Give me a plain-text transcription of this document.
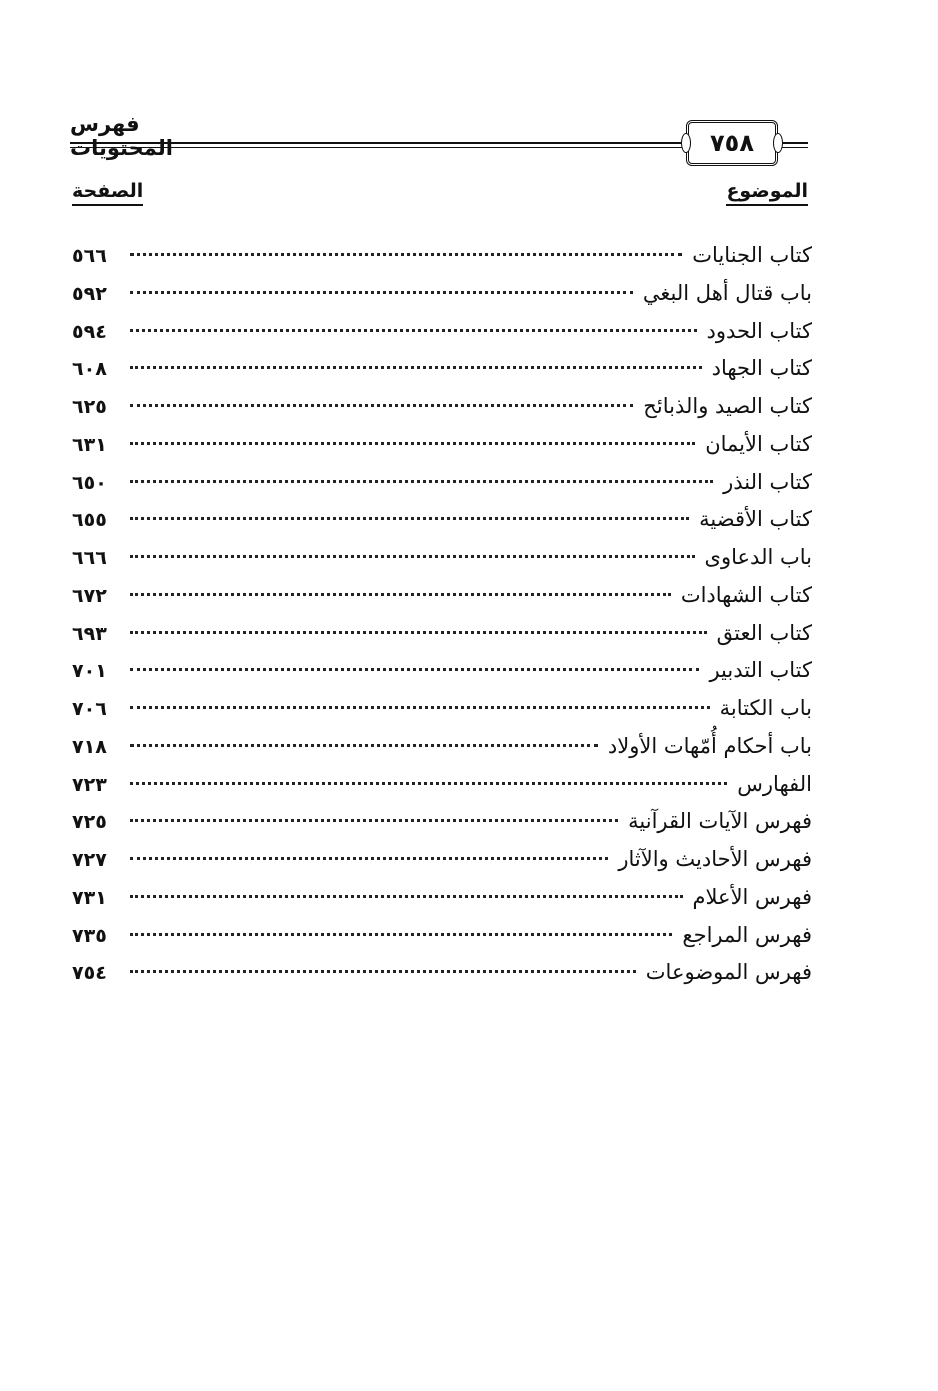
فهرس المحتويات	٧٥٨
الموضوع
الصفحة
كتاب الجنايات
٥٦٦
باب قتال أهل البغي
٥٩٢
كتاب الحدود
٥٩٤
كتاب الجهاد
٦٠٨
كتاب الصيد والذبائح
٦٢٥
كتاب الأيمان
٦٣١
كتاب النذر
٦٥٠
كتاب الأقضية
٦٥٥
باب الدعاوى
٦٦٦
كتاب الشهادات
٦٧٢
كتاب العتق
٦٩٣
كتاب التدبير
٧٠١
باب الكتابة
٧٠٦
باب أحكام أُمّهات الأولاد
٧١٨
الفهارس
٧٢٣
فهرس الآيات القرآنية
٧٢٥
فهرس الأحاديث والآثار
٧٢٧
فهرس الأعلام
٧٣١
فهرس المراجع
٧٣٥
فهرس الموضوعات
٧٥٤
